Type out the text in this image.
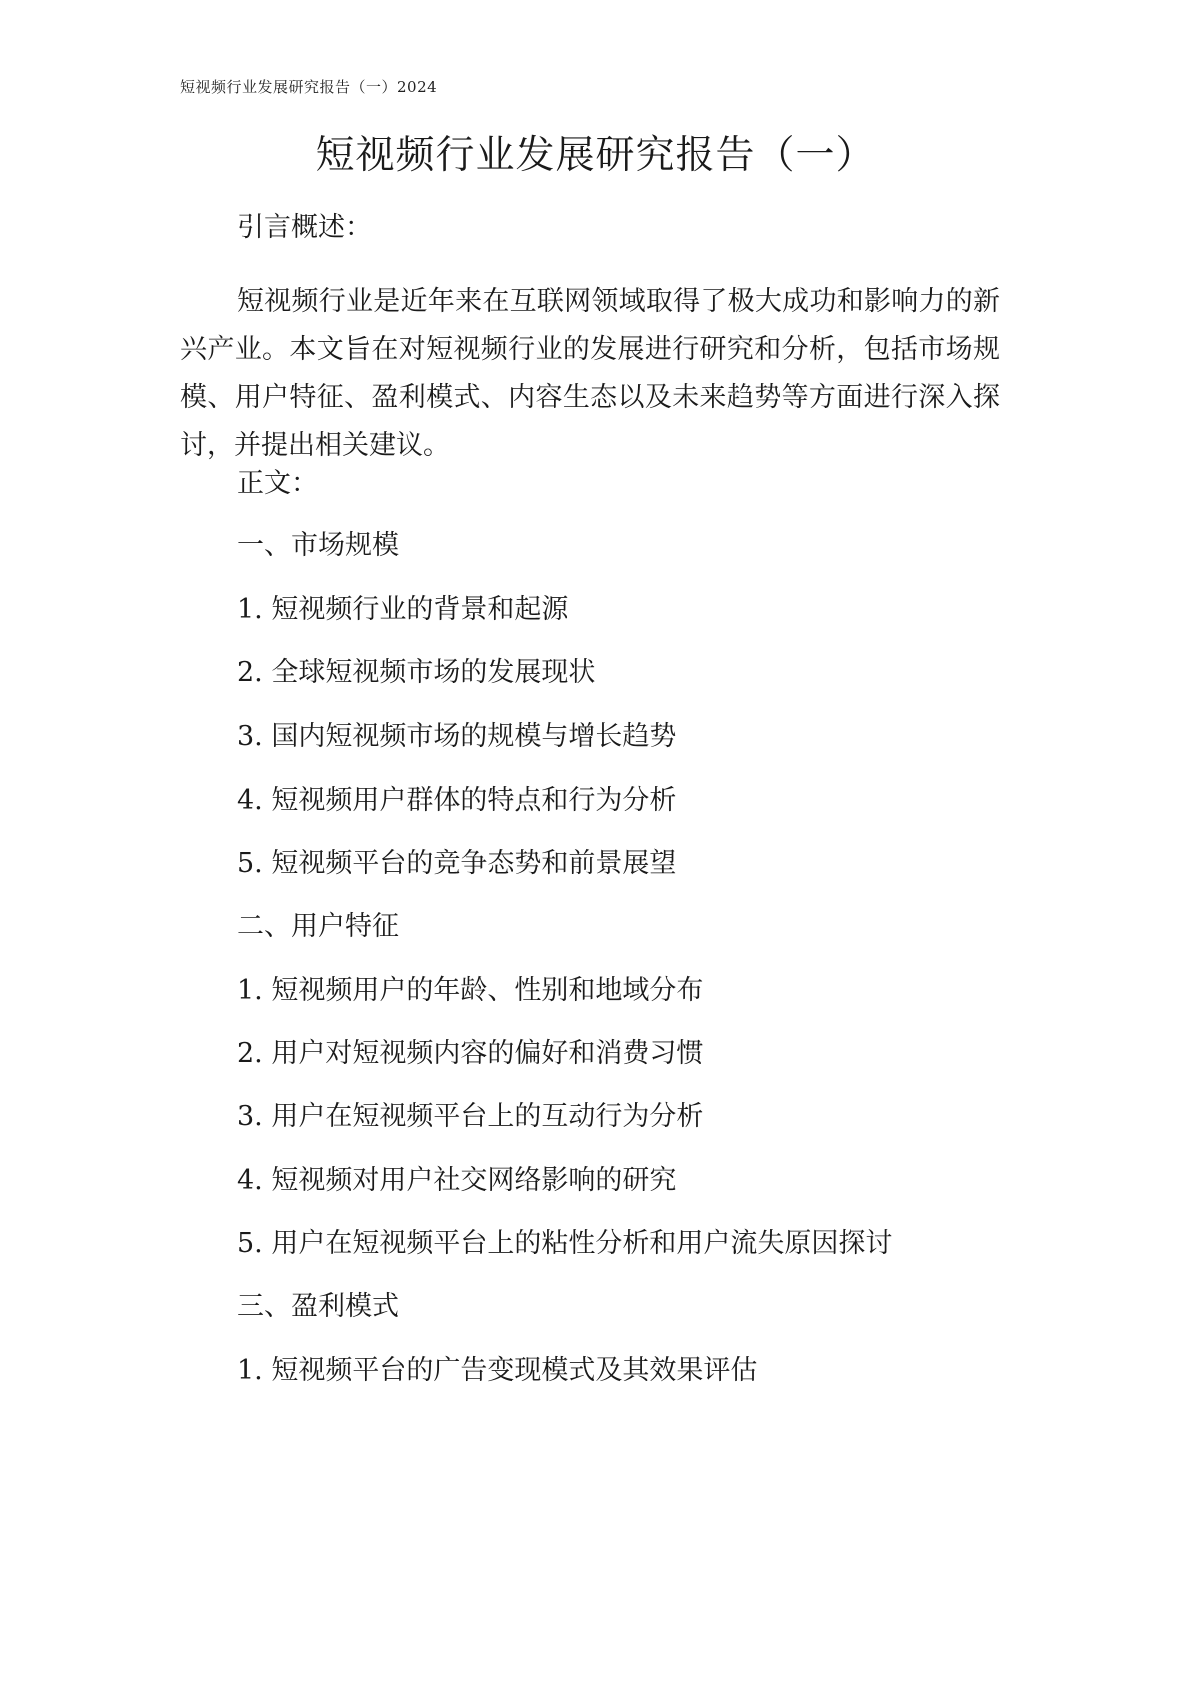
短视频行业发展研究报告（一）2024
短视频行业发展研究报告（一）
引言概述：

短视频行业是近年来在互联网领域取得了极大成功和影响力的新兴产业。本文旨在对短视频行业的发展进行研究和分析，包括市场规模、用户特征、盈利模式、内容生态以及未来趋势等方面进行深入探讨，并提出相关建议。

正文：
一、市场规模
1. 短视频行业的背景和起源
2. 全球短视频市场的发展现状
3. 国内短视频市场的规模与增长趋势
4. 短视频用户群体的特点和行为分析
5. 短视频平台的竞争态势和前景展望
二、用户特征
1. 短视频用户的年龄、性别和地域分布
2. 用户对短视频内容的偏好和消费习惯
3. 用户在短视频平台上的互动行为分析
4. 短视频对用户社交网络影响的研究
5. 用户在短视频平台上的粘性分析和用户流失原因探讨
三、盈利模式
1. 短视频平台的广告变现模式及其效果评估
